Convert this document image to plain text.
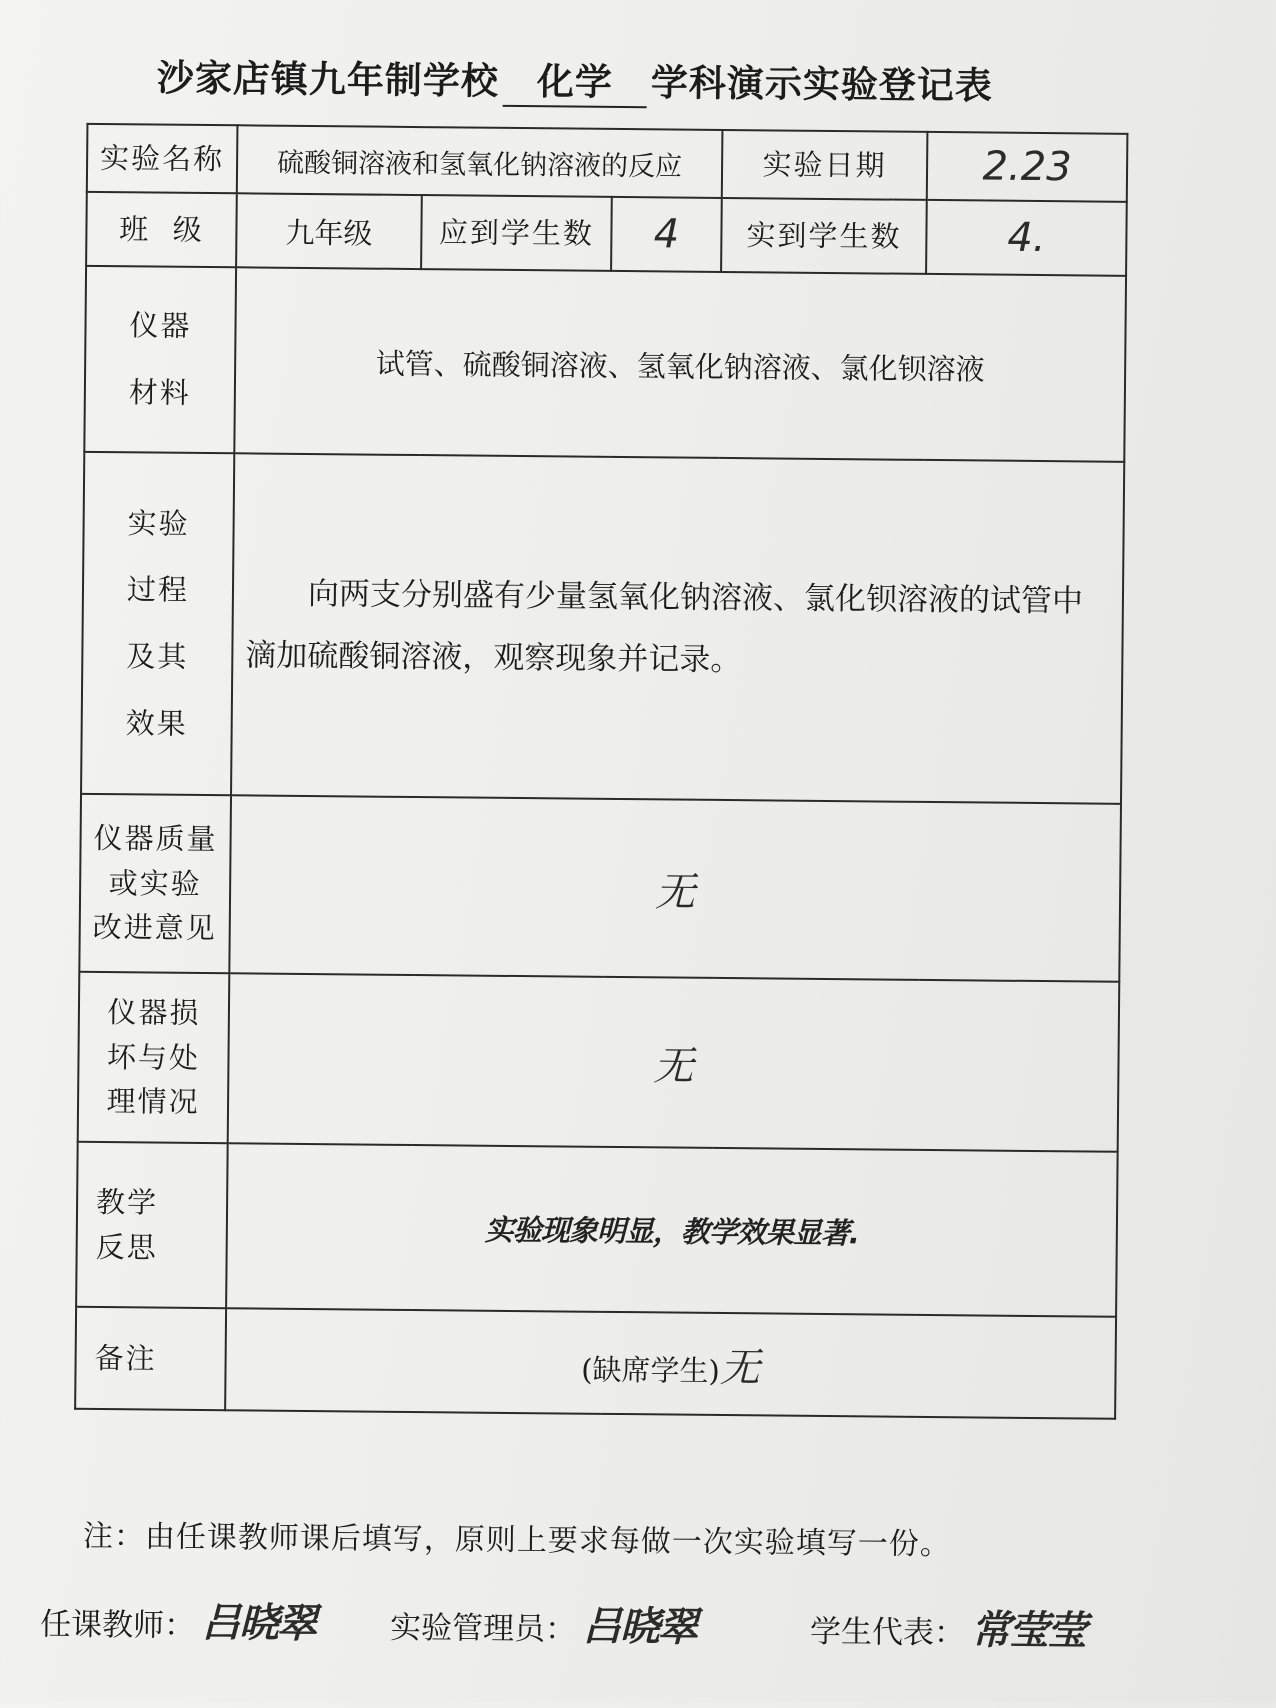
沙家店镇九年制学校 化学 学科演示实验登记表
实验名称	硫酸铜溶液和氢氧化钠溶液的反应			实验日期	2.23
班  级	九年级	应到学生数	4	实到学生数	4.

仪器
材料	试管、硫酸铜溶液、氢氧化钠溶液、氯化钡溶液				

实验
过程
及其
效果	向两支分别盛有少量氢氧化钠溶液、氯化钡溶液的试管中滴加硫酸铜溶液，观察现象并记录。				

仪器质量
或实验
改进意见	无				

仪器损
坏与处
理情况	无				

教学
反思	实验现象明显，教学效果显著.				
备注	(缺席学生)无				
注：由任课教师课后填写，原则上要求每做一次实验填写一份。
任课教师： 吕晓翠 实验管理员： 吕晓翠	学生代表： 常莹莹
